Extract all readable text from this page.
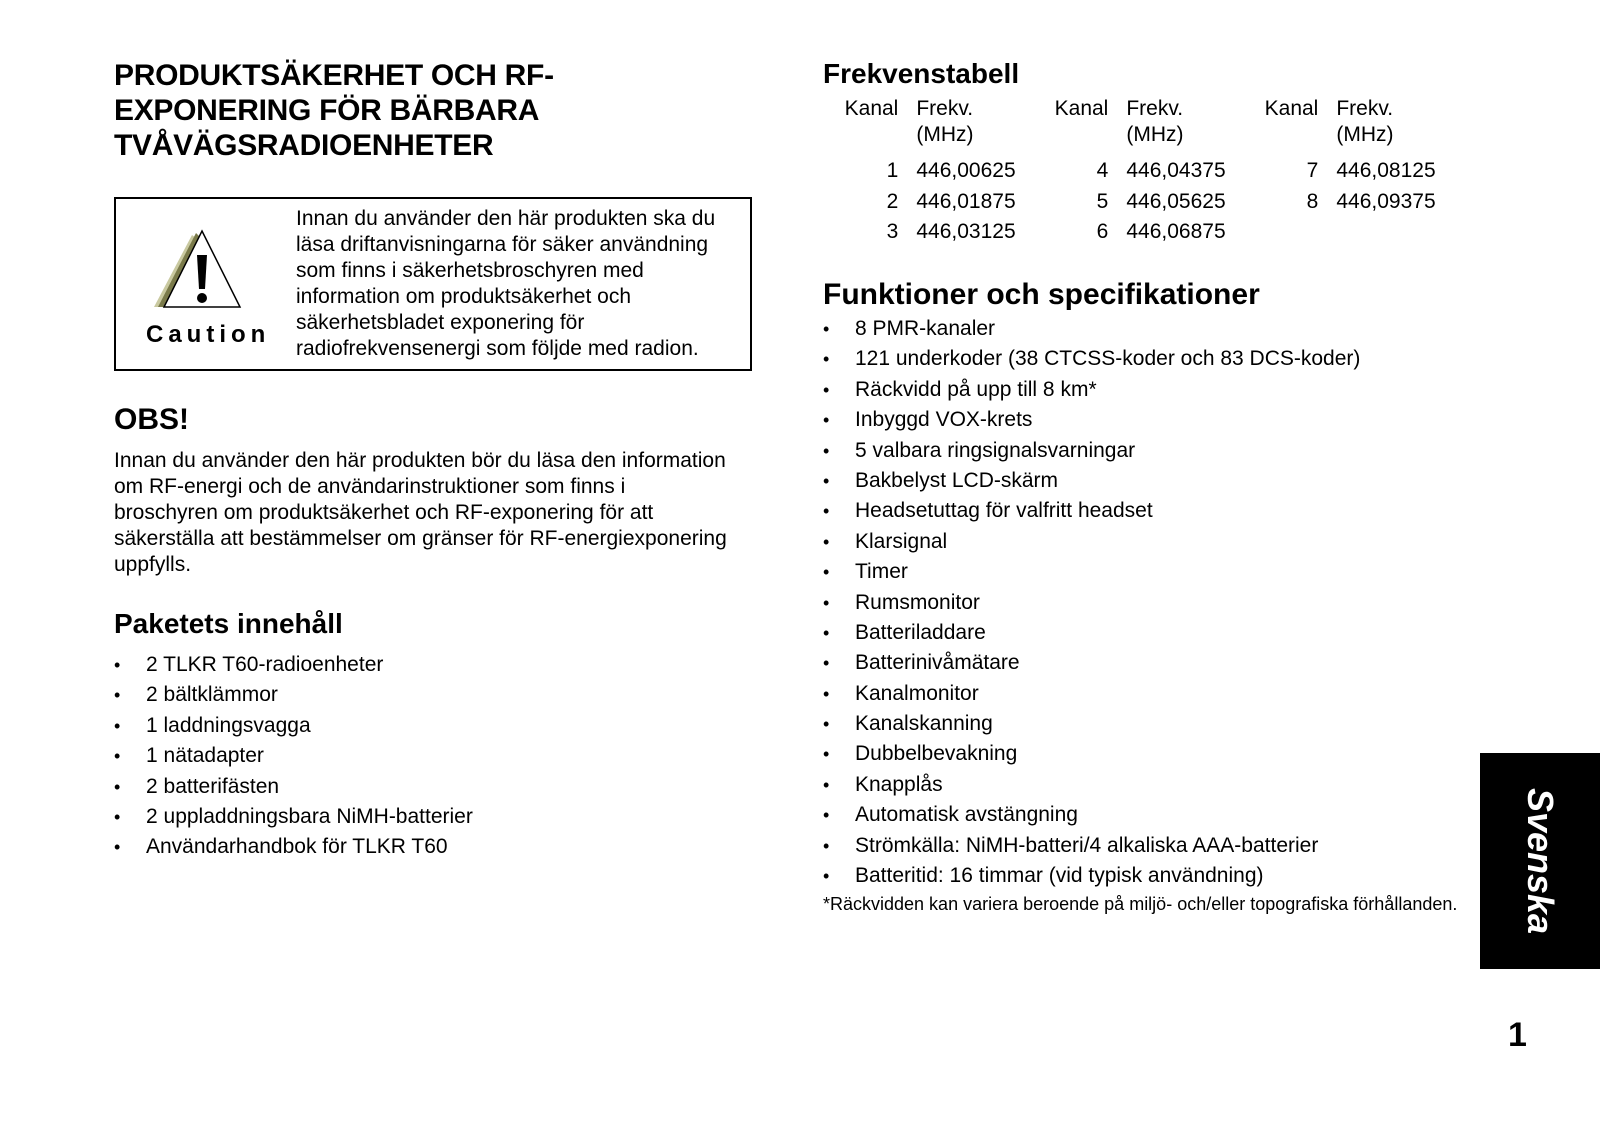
PRODUKTSÄKERHET OCH RF-EXPONERING FÖR BÄRBARA TVÅVÄGSRADIOENHETER
Caution
Innan du använder den här produkten ska du läsa driftanvisningarna för säker användning som finns i säkerhetsbroschyren med information om produktsäkerhet och säkerhetsbladet exponering för radiofrekvensenergi som följde med radion.
OBS!
Innan du använder den här produkten bör du läsa den information om RF-energi och de användarinstruktioner som finns i broschyren om produktsäkerhet och RF-exponering för att säkerställa att bestämmelser om gränser för RF-energiexponering uppfylls.
Paketets innehåll
• 2 TLKR T60-radioenheter
• 2 bältklämmor
• 1 laddningsvagga
• 1 nätadapter
• 2 batterifästen
• 2 uppladdningsbara NiMH-batterier
• Användarhandbok för TLKR T60
Frekvenstabell
Kanal	Frekv.	Kanal	Frekv.	Kanal	Frekv.
	(MHz)		(MHz)		(MHz)
1	446,00625	4	446,04375	7	446,08125
2	446,01875	5	446,05625	8	446,09375
3	446,03125	6	446,06875		
Funktioner och specifikationer
• 8 PMR-kanaler
• 121 underkoder (38 CTCSS-koder och 83 DCS-koder)
• Räckvidd på upp till 8 km*
• Inbyggd VOX-krets
• 5 valbara ringsignalsvarningar
• Bakbelyst LCD-skärm
• Headsetuttag för valfritt headset
• Klarsignal
• Timer
• Rumsmonitor
• Batteriladdare
• Batterinivåmätare
• Kanalmonitor
• Kanalskanning
• Dubbelbevakning
• Knapplås
• Automatisk avstängning
• Strömkälla: NiMH-batteri/4 alkaliska AAA-batterier
• Batteritid: 16 timmar (vid typisk användning)
*Räckvidden kan variera beroende på miljö- och/eller topografiska förhållanden. Svenska
1
